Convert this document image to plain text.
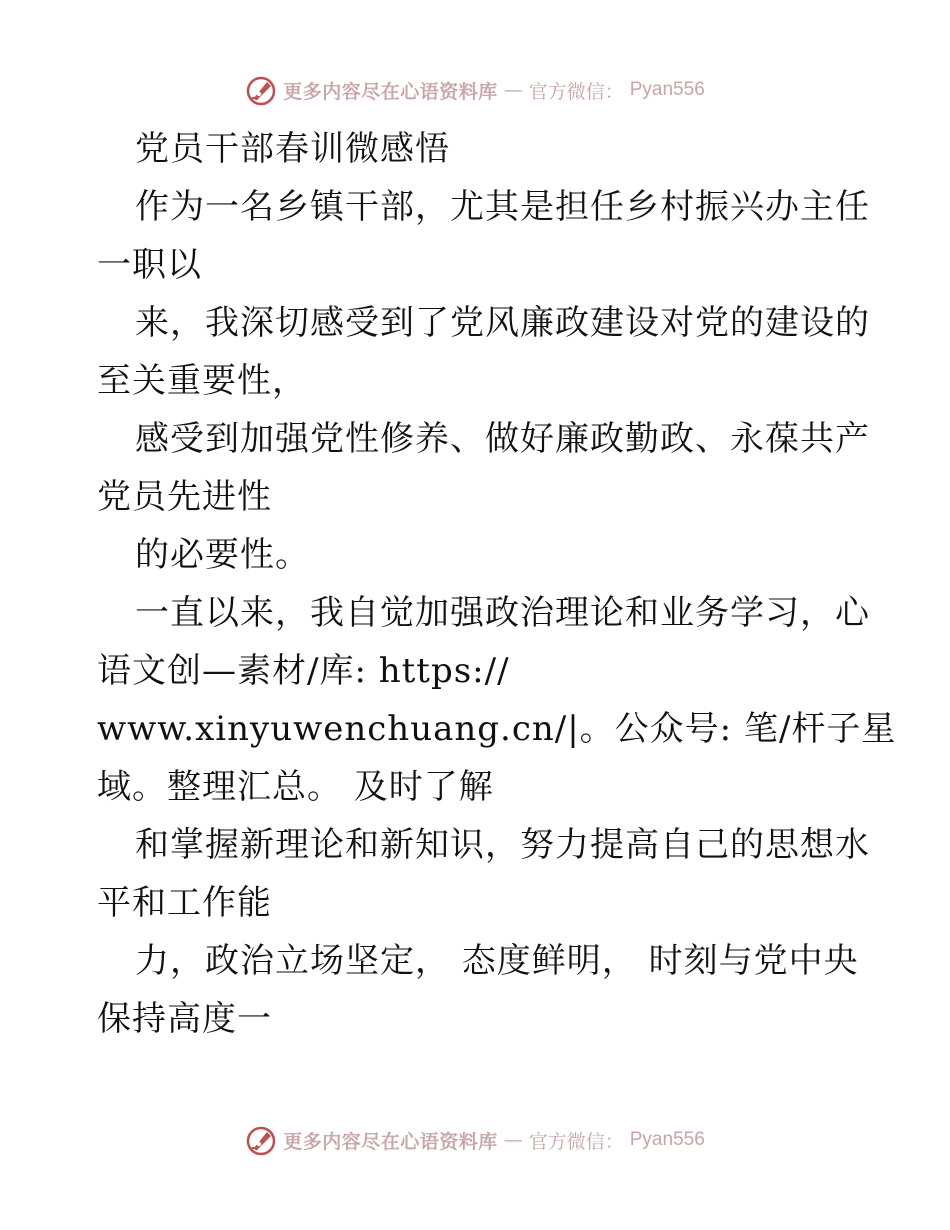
更多内容尽在心语资料库 — 官方微信： Pyan556
党员干部春训微感悟
作为一名乡镇干部，尤其是担任乡村振兴办主任
一职以
来，我深切感受到了党风廉政建设对党的建设的
至关重要性，
感受到加强党性修养、做好廉政勤政、永葆共产
党员先进性
的必要性。
一直以来，我自觉加强政治理论和业务学习，心
语文创—素材/库: https://
www.xinyuwenchuang.cn/|。公众号: 笔/杆子星
域。整理汇总。 及时了解
和掌握新理论和新知识，努力提高自己的思想水
平和工作能
力，政治立场坚定， 态度鲜明， 时刻与党中央
保持高度一
更多内容尽在心语资料库 — 官方微信： Pyan556
